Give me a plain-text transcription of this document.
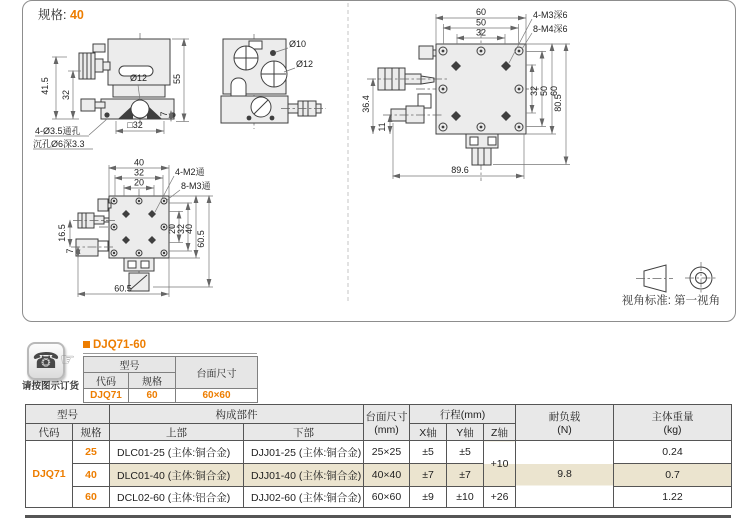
规格: 40
41.5
32
55
7
□32
Ø12
4-Ø3.5通孔
沉孔Ø6深3.3
Ø10
Ø12
60
50
32
4-M3深6
8-M4深6
32 50 60
80.5
36.4
11
89.6
40
32
20
4-M2通
8-M3通
20 32
40
60.5
16.5
7
60.5
视角标准: 第一视角
☎ ☞
请按图示订货
DJQ71-60
型号		台面尺寸
代码	规格	
DJQ71	60	60×60
型号	构成部件	台面尺寸
(mm)
	行程(mm)	耐负载
(N)

主体重量
(kg)

代码	规格	上部	下部		X轴	Y轴	Z轴		
DJQ71	25	DLC01-25 (主体:铜合金)	DJJ01-25 (主体:铜合金)	25×25	±5	±5	+10	9.8	0.24
	40	DLC01-40 (主体:铜合金)	DJJ01-40 (主体:铜合金)	40×40	±7	±7			0.7
	60	DCL02-60 (主体:铝合金)	DJJ02-60 (主体:铜合金)	60×60	±9	±10	+26		1.22
